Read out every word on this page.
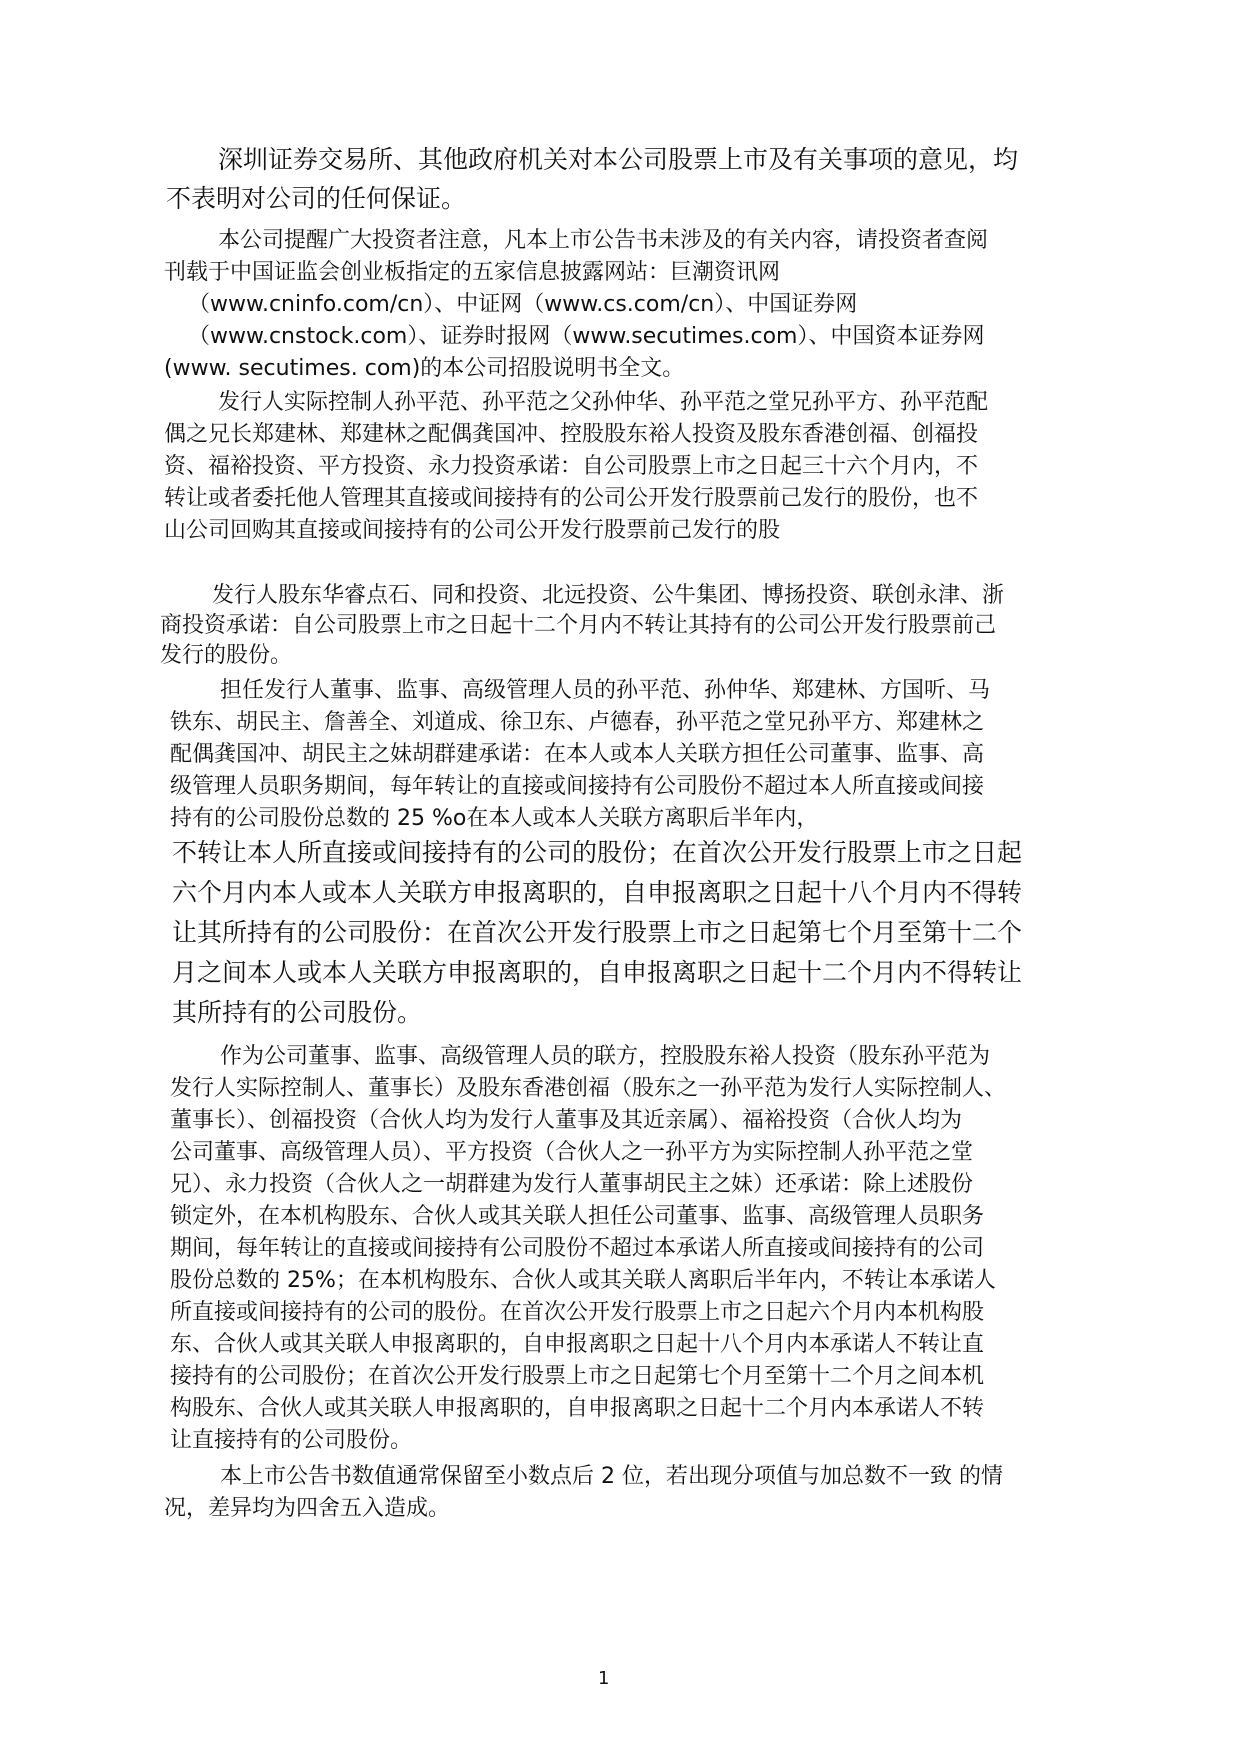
深圳证券交易所、其他政府机关对本公司股票上市及有关事项的意见，均
不表明对公司的任何保证。
本公司提醒广大投资者注意，凡本上市公告书未涉及的有关内容，请投资者查阅
刊载于中国证监会创业板指定的五家信息披露网站：巨潮资讯网
（www.cninfo.com/cn）、中证网（www.cs.com/cn）、中国证券网
（www.cnstock.com）、证券时报网（www.secutimes.com）、中国资本证券网
(www. secutimes. com)的本公司招股说明书全文。
发行人实际控制人孙平范、孙平范之父孙仲华、孙平范之堂兄孙平方、孙平范配
偶之兄长郑建林、郑建林之配偶龚国冲、控股股东裕人投资及股东香港创福、创福投
资、福裕投资、平方投资、永力投资承诺：自公司股票上市之日起三十六个月内，不
转让或者委托他人管理其直接或间接持有的公司公开发行股票前己发行的股份，也不
山公司回购其直接或间接持有的公司公开发行股票前己发行的股
发行人股东华睿点石、同和投资、北远投资、公牛集团、博扬投资、联创永津、浙
商投资承诺：自公司股票上市之日起十二个月内不转让其持有的公司公开发行股票前己
发行的股份。
担任发行人董事、监事、高级管理人员的孙平范、孙仲华、郑建林、方国听、马
铁东、胡民主、詹善全、刘道成、徐卫东、卢德春，孙平范之堂兄孙平方、郑建林之
配偶龚国冲、胡民主之妹胡群建承诺：在本人或本人关联方担任公司董事、监事、高
级管理人员职务期间，每年转让的直接或间接持有公司股份不超过本人所直接或间接
持有的公司股份总数的 25 %o在本人或本人关联方离职后半年内，
不转让本人所直接或间接持有的公司的股份；在首次公开发行股票上市之日起
六个月内本人或本人关联方申报离职的，自申报离职之日起十八个月内不得转
让其所持有的公司股份：在首次公开发行股票上市之日起第七个月至第十二个
月之间本人或本人关联方申报离职的，自申报离职之日起十二个月内不得转让
其所持有的公司股份。
作为公司董事、监事、高级管理人员的联方，控股股东裕人投资（股东孙平范为
发行人实际控制人、董事长）及股东香港创福（股东之一孙平范为发行人实际控制人、
董事长）、创福投资（合伙人均为发行人董事及其近亲属）、福裕投资（合伙人均为
公司董事、高级管理人员）、平方投资（合伙人之一孙平方为实际控制人孙平范之堂
兄）、永力投资（合伙人之一胡群建为发行人董事胡民主之妹）还承诺：除上述股份
锁定外，在本机构股东、合伙人或其关联人担任公司董事、监事、高级管理人员职务
期间，每年转让的直接或间接持有公司股份不超过本承诺人所直接或间接持有的公司
股份总数的 25%；在本机构股东、合伙人或其关联人离职后半年内，不转让本承诺人
所直接或间接持有的公司的股份。在首次公开发行股票上市之日起六个月内本机构股
东、合伙人或其关联人申报离职的，自申报离职之日起十八个月内本承诺人不转让直
接持有的公司股份；在首次公开发行股票上市之日起第七个月至第十二个月之间本机
构股东、合伙人或其关联人申报离职的，自申报离职之日起十二个月内本承诺人不转
让直接持有的公司股份。
本上市公告书数值通常保留至小数点后 2 位，若出现分项值与加总数不一致 的情
况，差异均为四舍五入造成。
1
